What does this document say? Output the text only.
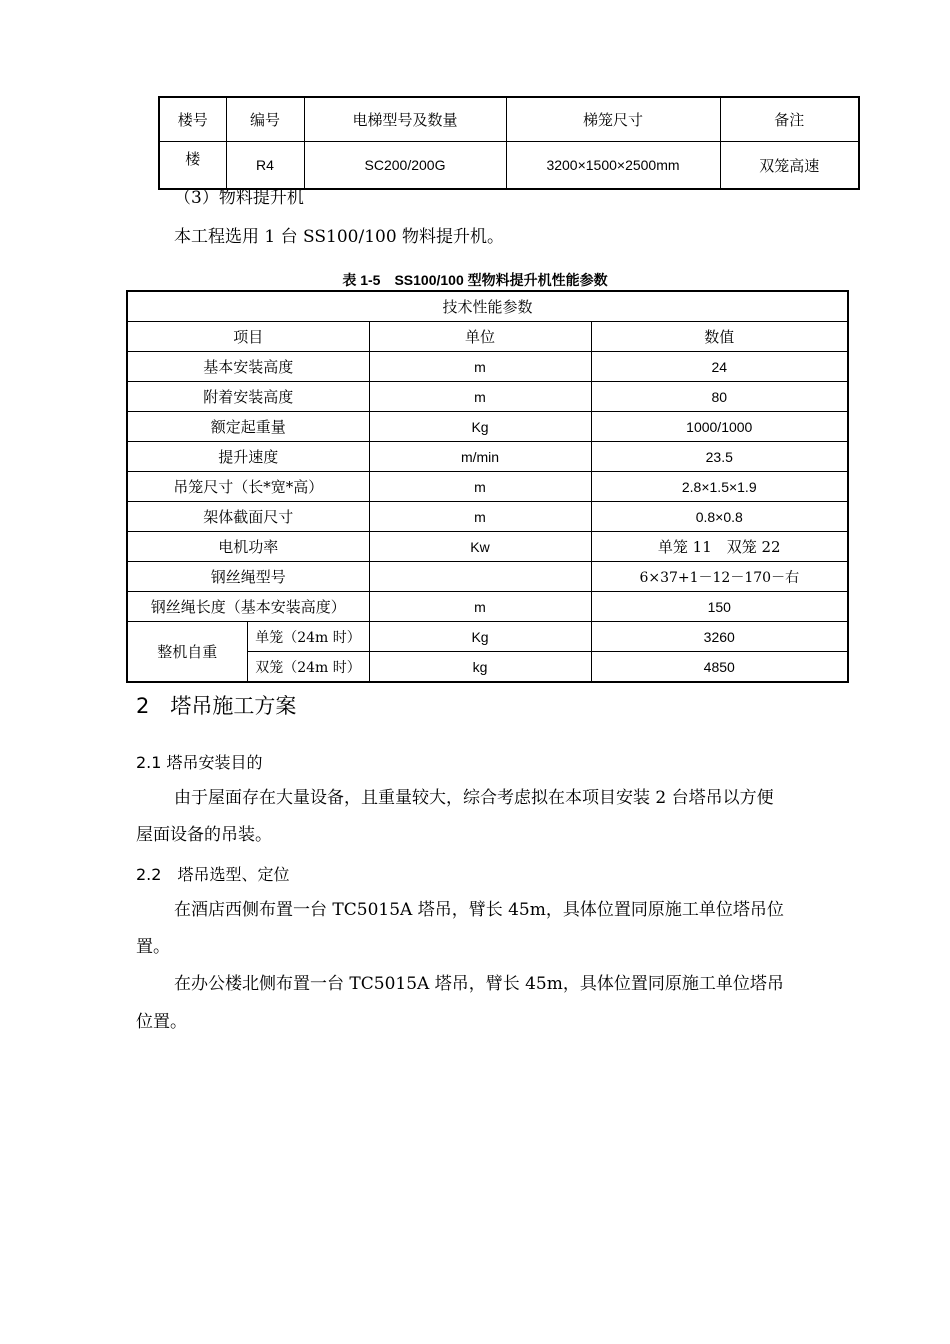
楼号	编号	电梯型号及数量	梯笼尺寸	备注
楼	R4	SC200/200G	3200×1500×2500mm	双笼高速
（3）物料提升机
本工程选用 1 台 SS100/100 物料提升机。
表 1-5　SS100/100 型物料提升机性能参数
技术性能参数			
项目		单位	数值
基本安装高度		m	24
附着安装高度		m	80
额定起重量		Kg	1000/1000
提升速度		m/min	23.5
吊笼尺寸（长*宽*高）		m	2.8×1.5×1.9
架体截面尺寸		m	0.8×0.8
电机功率		Kw	单笼 11　双笼 22
钢丝绳型号			6×37+1－12－170－右
钢丝绳长度（基本安装高度）		m	150
整机自重	单笼（24m 时）	Kg	3260
	双笼（24m 时）	kg	4850
2　塔吊施工方案
2.1 塔吊安装目的
由于屋面存在大量设备，且重量较大，综合考虑拟在本项目安装 2 台塔吊以方便
屋面设备的吊装。
2.2　塔吊选型、定位
在酒店西侧布置一台 TC5015A 塔吊，臂长 45m，具体位置同原施工单位塔吊位
置。
在办公楼北侧布置一台 TC5015A 塔吊，臂长 45m，具体位置同原施工单位塔吊
位置。
